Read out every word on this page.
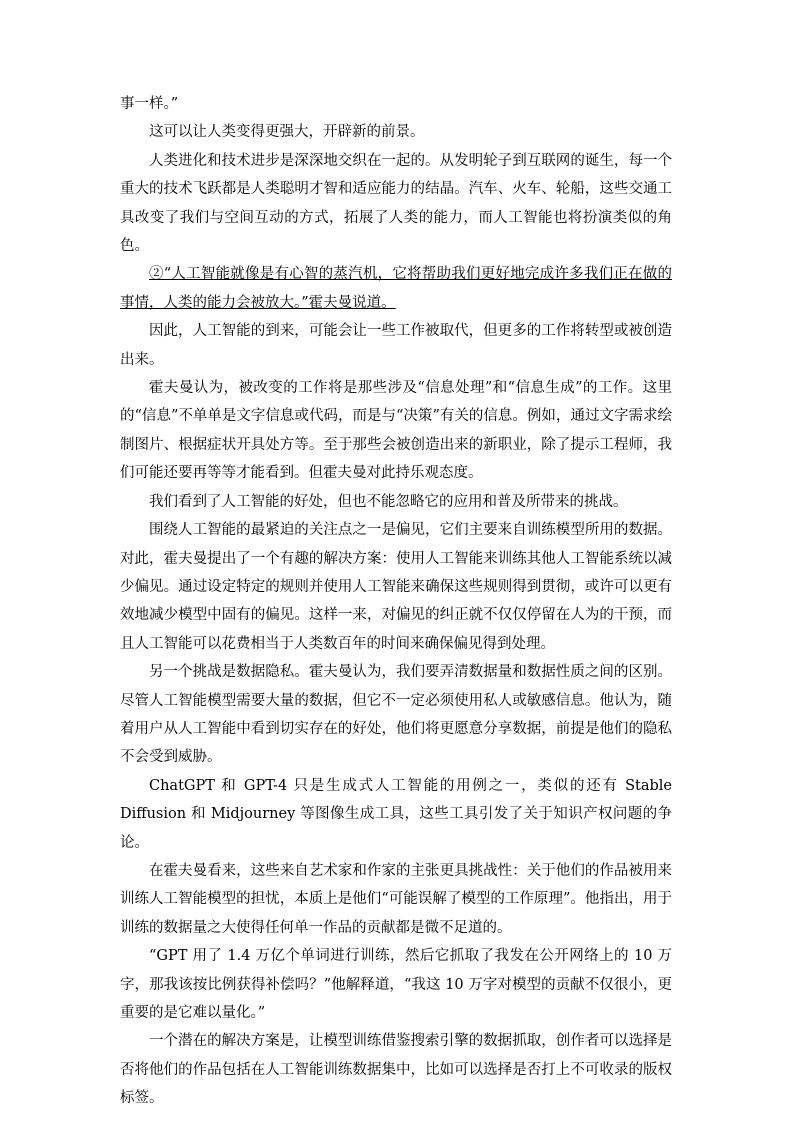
事一样。”

这可以让人类变得更强大，开辟新的前景。

人类进化和技术进步是深深地交织在一起的。从发明轮子到互联网的诞生，每一个重大的技术飞跃都是人类聪明才智和适应能力的结晶。汽车、火车、轮船，这些交通工具改变了我们与空间互动的方式，拓展了人类的能力，而人工智能也将扮演类似的角色。

②“人工智能就像是有心智的蒸汽机，它将帮助我们更好地完成许多我们正在做的事情，人类的能力会被放大。”霍夫曼说道。

因此，人工智能的到来，可能会让一些工作被取代，但更多的工作将转型或被创造出来。

霍夫曼认为，被改变的工作将是那些涉及“信息处理”和“信息生成”的工作。这里的“信息”不单单是文字信息或代码，而是与“决策”有关的信息。例如，通过文字需求绘制图片、根据症状开具处方等。至于那些会被创造出来的新职业，除了提示工程师，我们可能还要再等等才能看到。但霍夫曼对此持乐观态度。

我们看到了人工智能的好处，但也不能忽略它的应用和普及所带来的挑战。

围绕人工智能的最紧迫的关注点之一是偏见，它们主要来自训练模型所用的数据。对此，霍夫曼提出了一个有趣的解决方案：使用人工智能来训练其他人工智能系统以减少偏见。通过设定特定的规则并使用人工智能来确保这些规则得到贯彻，或许可以更有效地减少模型中固有的偏见。这样一来，对偏见的纠正就不仅仅停留在人为的干预，而且人工智能可以花费相当于人类数百年的时间来确保偏见得到处理。

另一个挑战是数据隐私。霍夫曼认为，我们要弄清数据量和数据性质之间的区别。尽管人工智能模型需要大量的数据，但它不一定必须使用私人或敏感信息。他认为，随着用户从人工智能中看到切实存在的好处，他们将更愿意分享数据，前提是他们的隐私不会受到威胁。

ChatGPT 和 GPT-4 只是生成式人工智能的用例之一，类似的还有 Stable Diffusion 和 Midjourney 等图像生成工具，这些工具引发了关于知识产权问题的争论。

在霍夫曼看来，这些来自艺术家和作家的主张更具挑战性：关于他们的作品被用来训练人工智能模型的担忧，本质上是他们“可能误解了模型的工作原理”。他指出，用于训练的数据量之大使得任何单一作品的贡献都是微不足道的。

“GPT 用了 1.4 万亿个单词进行训练，然后它抓取了我发在公开网络上的 10 万字，那我该按比例获得补偿吗？”他解释道，“我这 10 万字对模型的贡献不仅很小，更重要的是它难以量化。”

一个潜在的解决方案是，让模型训练借鉴搜索引擎的数据抓取，创作者可以选择是否将他们的作品包括在人工智能训练数据集中，比如可以选择是否打上不可收录的版权标签。
